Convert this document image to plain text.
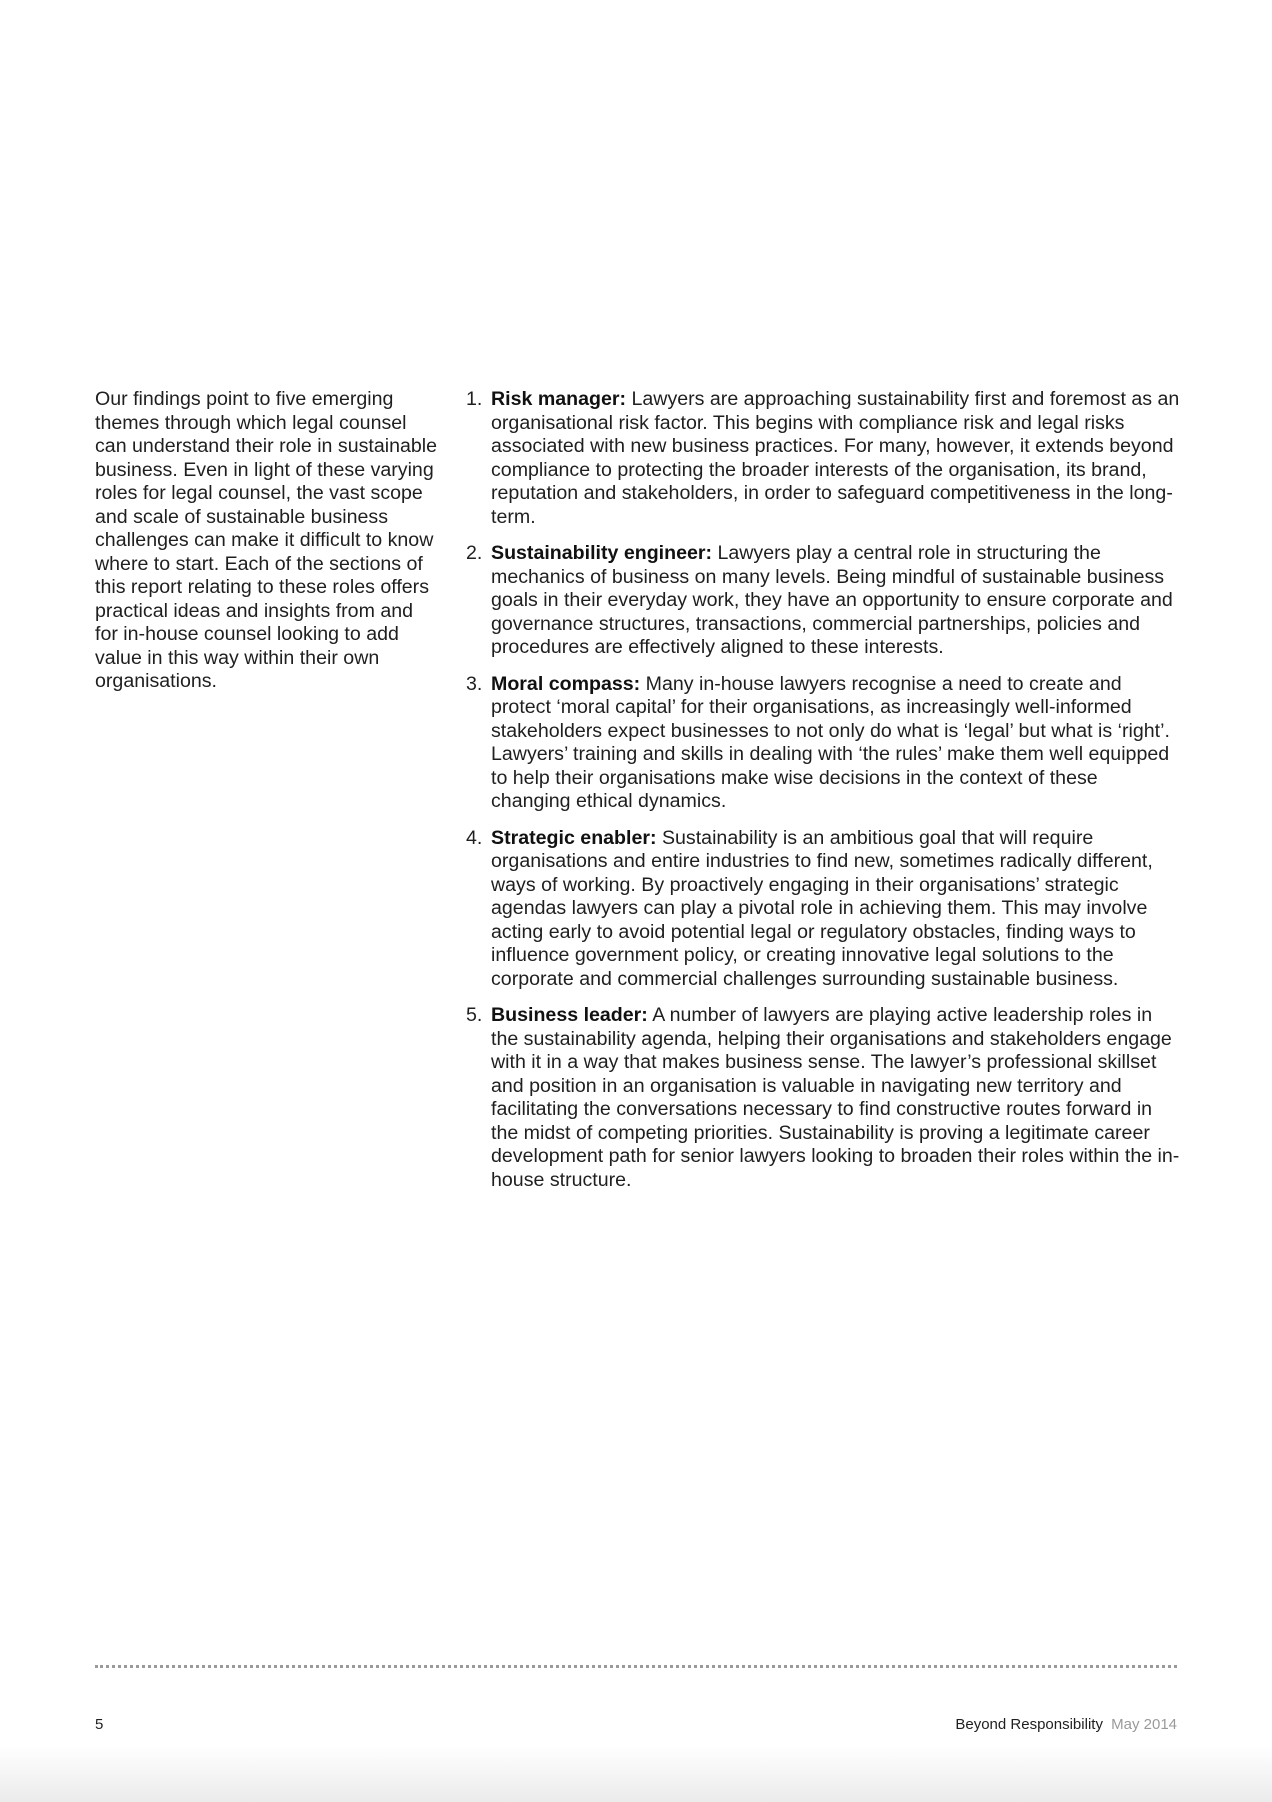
Our findings point to five emerging themes through which legal counsel can understand their role in sustainable business. Even in light of these varying roles for legal counsel, the vast scope and scale of sustainable business challenges can make it difficult to know where to start. Each of the sections of this report relating to these roles offers practical ideas and insights from and for in-house counsel looking to add value in this way within their own organisations.

1. Risk manager: Lawyers are approaching sustainability first and foremost as an organisational risk factor. This begins with compliance risk and legal risks associated with new business practices. For many, however, it extends beyond compliance to protecting the broader interests of the organisation, its brand, reputation and stakeholders, in order to safeguard competitiveness in the long-term.
2. Sustainability engineer: Lawyers play a central role in structuring the mechanics of business on many levels. Being mindful of sustainable business goals in their everyday work, they have an opportunity to ensure corporate and governance structures, transactions, commercial partnerships, policies and procedures are effectively aligned to these interests.
3. Moral compass: Many in-house lawyers recognise a need to create and protect ‘moral capital’ for their organisations, as increasingly well-informed stakeholders expect businesses to not only do what is ‘legal’ but what is ‘right’. Lawyers’ training and skills in dealing with ‘the rules’ make them well equipped to help their organisations make wise decisions in the context of these changing ethical dynamics.
4. Strategic enabler: Sustainability is an ambitious goal that will require organisations and entire industries to find new, sometimes radically different, ways of working. By proactively engaging in their organisations’ strategic agendas lawyers can play a pivotal role in achieving them. This may involve acting early to avoid potential legal or regulatory obstacles, finding ways to influence government policy, or creating innovative legal solutions to the corporate and commercial challenges surrounding sustainable business.
5. Business leader: A number of lawyers are playing active leadership roles in the sustainability agenda, helping their organisations and stakeholders engage with it in a way that makes business sense. The lawyer’s professional skillset and position in an organisation is valuable in navigating new territory and facilitating the conversations necessary to find constructive routes forward in the midst of competing priorities. Sustainability is proving a legitimate career development path for senior lawyers looking to broaden their roles within the in-house structure.
5	Beyond Responsibility May 2014
